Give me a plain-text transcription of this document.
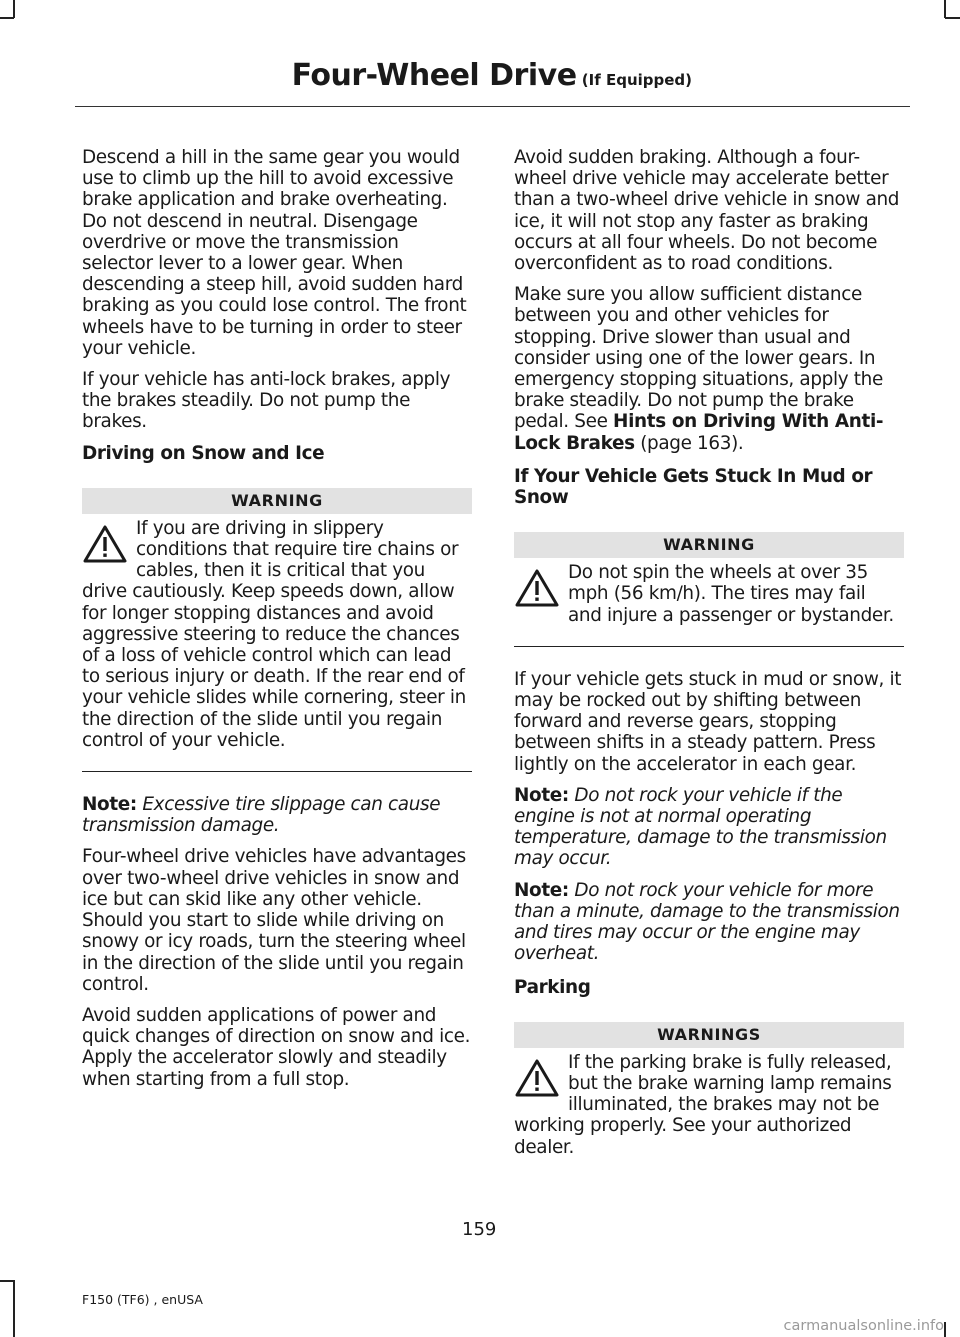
Four-Wheel Drive (If Equipped)

Descend a hill in the same gear you would use to climb up the hill to avoid excessive brake application and brake overheating. Do not descend in neutral. Disengage overdrive or move the transmission selector lever to a lower gear. When descending a steep hill, avoid sudden hard braking as you could lose control. The front wheels have to be turning in order to steer your vehicle.

If your vehicle has anti-lock brakes, apply the brakes steadily. Do not pump the brakes.

Driving on Snow and Ice
WARNING

If you are driving in slippery conditions that require tire chains or cables, then it is critical that you drive cautiously. Keep speeds down, allow for longer stopping distances and avoid aggressive steering to reduce the chances of a loss of vehicle control which can lead to serious injury or death. If the rear end of your vehicle slides while cornering, steer in the direction of the slide until you regain control of your vehicle.

Note: Excessive tire slippage can cause transmission damage.

Four-wheel drive vehicles have advantages over two-wheel drive vehicles in snow and ice but can skid like any other vehicle. Should you start to slide while driving on snowy or icy roads, turn the steering wheel in the direction of the slide until you regain control.

Avoid sudden applications of power and quick changes of direction on snow and ice. Apply the accelerator slowly and steadily when starting from a full stop.

Avoid sudden braking. Although a four-wheel drive vehicle may accelerate better than a two-wheel drive vehicle in snow and ice, it will not stop any faster as braking occurs at all four wheels. Do not become overconfident as to road conditions.

Make sure you allow sufficient distance between you and other vehicles for stopping. Drive slower than usual and consider using one of the lower gears. In emergency stopping situations, apply the brake steadily. Do not pump the brake pedal. See Hints on Driving With Anti-Lock Brakes (page 163).

If Your Vehicle Gets Stuck In Mud or Snow
WARNING

Do not spin the wheels at over 35 mph (56 km/h). The tires may fail and injure a passenger or bystander.

If your vehicle gets stuck in mud or snow, it may be rocked out by shifting between forward and reverse gears, stopping between shifts in a steady pattern. Press lightly on the accelerator in each gear.

Note: Do not rock your vehicle if the engine is not at normal operating temperature, damage to the transmission may occur.

Note: Do not rock your vehicle for more than a minute, damage to the transmission and tires may occur or the engine may overheat.

Parking
WARNINGS

If the parking brake is fully released, but the brake warning lamp remains illuminated, the brakes may not be working properly. See your authorized dealer.

159
F150 (TF6) , enUSA
carmanualsonline.info
